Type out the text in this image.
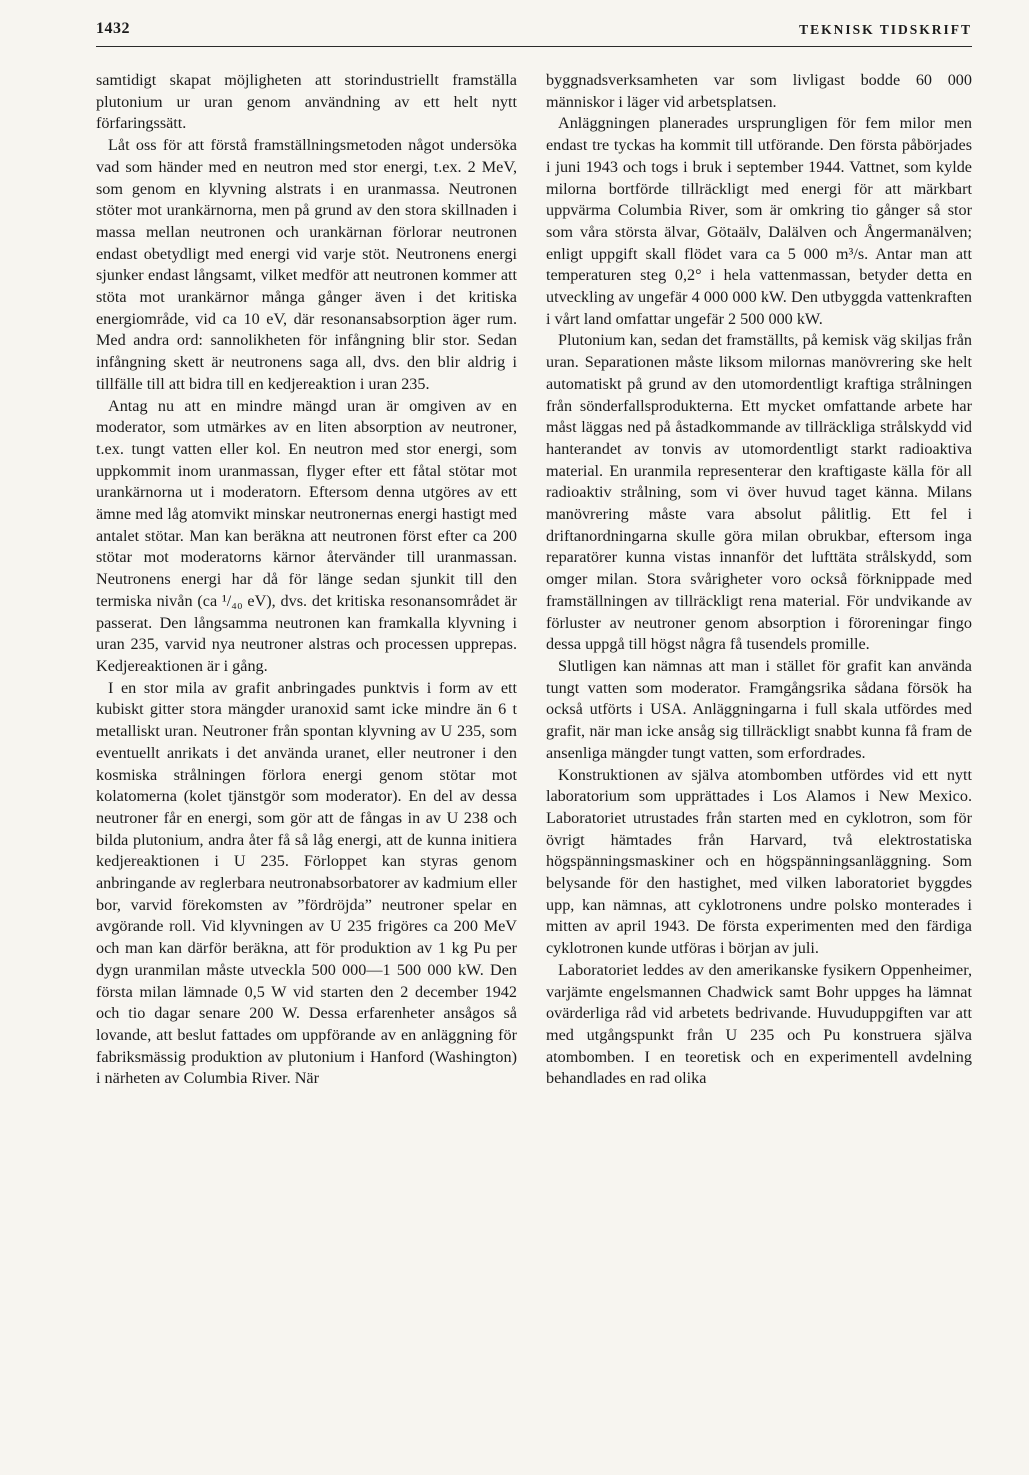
1432	TEKNISK TIDSKRIFT

samtidigt skapat möjligheten att storindustriellt framställa plutonium ur uran genom användning av ett helt nytt förfaringssätt.

Låt oss för att förstå framställningsmetoden något undersöka vad som händer med en neutron med stor energi, t.ex. 2 MeV, som genom en klyvning alstrats i en uranmassa. Neutronen stöter mot urankärnorna, men på grund av den stora skillnaden i massa mellan neutronen och urankärnan förlorar neutronen endast obetydligt med energi vid varje stöt. Neutronens energi sjunker endast långsamt, vilket medför att neutronen kommer att stöta mot urankärnor många gånger även i det kritiska energiområde, vid ca 10 eV, där resonansabsorption äger rum. Med andra ord: sannolikheten för infångning blir stor. Sedan infångning skett är neutronens saga all, dvs. den blir aldrig i tillfälle till att bidra till en kedjereaktion i uran 235.

Antag nu att en mindre mängd uran är omgiven av en moderator, som utmärkes av en liten absorption av neutroner, t.ex. tungt vatten eller kol. En neutron med stor energi, som uppkommit inom uranmassan, flyger efter ett fåtal stötar mot urankärnorna ut i moderatorn. Eftersom denna utgöres av ett ämne med låg atomvikt minskar neutronernas energi hastigt med antalet stötar. Man kan beräkna att neutronen först efter ca 200 stötar mot moderatorns kärnor återvänder till uranmassan. Neutronens energi har då för länge sedan sjunkit till den termiska nivån (ca ¹/₄₀ eV), dvs. det kritiska resonansområdet är passerat. Den långsamma neutronen kan framkalla klyvning i uran 235, varvid nya neutroner alstras och processen upprepas. Kedjereaktionen är i gång.

I en stor mila av grafit anbringades punktvis i form av ett kubiskt gitter stora mängder uranoxid samt icke mindre än 6 t metalliskt uran. Neutroner från spontan klyvning av U 235, som eventuellt anrikats i det använda uranet, eller neutroner i den kosmiska strålningen förlora energi genom stötar mot kolatomerna (kolet tjänstgör som moderator). En del av dessa neutroner får en energi, som gör att de fångas in av U 238 och bilda plutonium, andra åter få så låg energi, att de kunna initiera kedjereaktionen i U 235. Förloppet kan styras genom anbringande av reglerbara neutronabsorbatorer av kadmium eller bor, varvid förekomsten av ”fördröjda” neutroner spelar en avgörande roll. Vid klyvningen av U 235 frigöres ca 200 MeV och man kan därför beräkna, att för produktion av 1 kg Pu per dygn uranmilan måste utveckla 500 000—1 500 000 kW. Den första milan lämnade 0,5 W vid starten den 2 december 1942 och tio dagar senare 200 W. Dessa erfarenheter ansågos så lovande, att beslut fattades om uppförande av en anläggning för fabriksmässig produktion av plutonium i Hanford (Washington) i närheten av Columbia River. När

byggnadsverksamheten var som livligast bodde 60 000 människor i läger vid arbetsplatsen.

Anläggningen planerades ursprungligen för fem milor men endast tre tyckas ha kommit till utförande. Den första påbörjades i juni 1943 och togs i bruk i september 1944. Vattnet, som kylde milorna bortförde tillräckligt med energi för att märkbart uppvärma Columbia River, som är omkring tio gånger så stor som våra största älvar, Götaälv, Dalälven och Ångermanälven; enligt uppgift skall flödet vara ca 5 000 m³/s. Antar man att temperaturen steg 0,2° i hela vattenmassan, betyder detta en utveckling av ungefär 4 000 000 kW. Den utbyggda vattenkraften i vårt land omfattar ungefär 2 500 000 kW.

Plutonium kan, sedan det framställts, på kemisk väg skiljas från uran. Separationen måste liksom milornas manövrering ske helt automatiskt på grund av den utomordentligt kraftiga strålningen från sönderfallsprodukterna. Ett mycket omfattande arbete har måst läggas ned på åstadkommande av tillräckliga strålskydd vid hanterandet av tonvis av utomordentligt starkt radioaktiva material. En uranmila representerar den kraftigaste källa för all radioaktiv strålning, som vi över huvud taget känna. Milans manövrering måste vara absolut pålitlig. Ett fel i driftanordningarna skulle göra milan obrukbar, eftersom inga reparatörer kunna vistas innanför det lufttäta strålskydd, som omger milan. Stora svårigheter voro också förknippade med framställningen av tillräckligt rena material. För undvikande av förluster av neutroner genom absorption i föroreningar fingo dessa uppgå till högst några få tusendels promille.

Slutligen kan nämnas att man i stället för grafit kan använda tungt vatten som moderator. Framgångsrika sådana försök ha också utförts i USA. Anläggningarna i full skala utfördes med grafit, när man icke ansåg sig tillräckligt snabbt kunna få fram de ansenliga mängder tungt vatten, som erfordrades.

Konstruktionen av själva atombomben utfördes vid ett nytt laboratorium som upprättades i Los Alamos i New Mexico. Laboratoriet utrustades från starten med en cyklotron, som för övrigt hämtades från Harvard, två elektrostatiska högspänningsmaskiner och en högspänningsanläggning. Som belysande för den hastighet, med vilken laboratoriet byggdes upp, kan nämnas, att cyklotronens undre polsko monterades i mitten av april 1943. De första experimenten med den färdiga cyklotronen kunde utföras i början av juli.

Laboratoriet leddes av den amerikanske fysikern Oppenheimer, varjämte engelsmannen Chadwick samt Bohr uppges ha lämnat ovärderliga råd vid arbetets bedrivande. Huvuduppgiften var att med utgångspunkt från U 235 och Pu konstruera själva atombomben. I en teoretisk och en experimentell avdelning behandlades en rad olika
